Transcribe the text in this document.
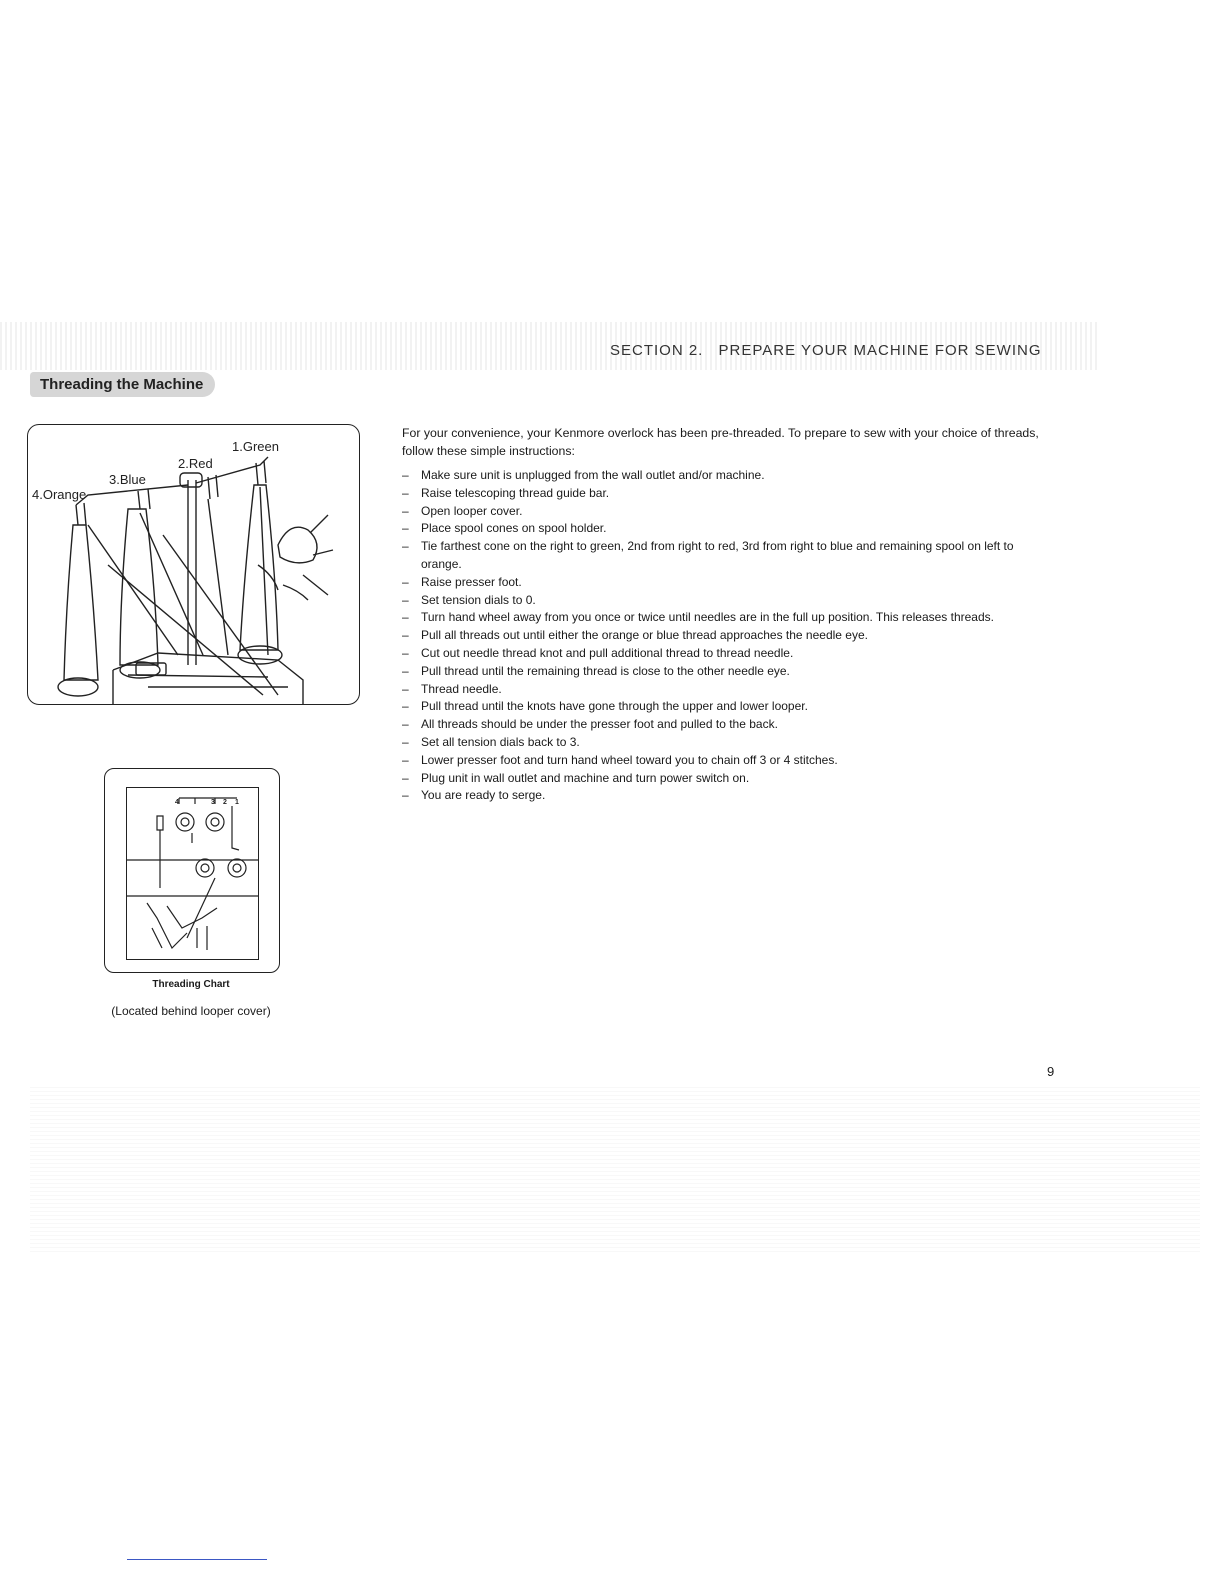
SECTION 2. PREPARE YOUR MACHINE FOR SEWING
Threading the Machine
1.Green
2.Red
3.Blue
4.Orange
4	3 2 1
Threading Chart
(Located behind looper cover)
For your convenience, your Kenmore overlock has been pre-threaded. To prepare to sew with your choice of threads, follow these simple instructions:
– Make sure unit is unplugged from the wall outlet and/or machine.
– Raise telescoping thread guide bar.
– Open looper cover.
– Place spool cones on spool holder.
– Tie farthest cone on the right to green, 2nd from right to red, 3rd from right to blue and remaining spool on left to orange.
– Raise presser foot.
– Set tension dials to 0.
– Turn hand wheel away from you once or twice until needles are in the full up position. This releases threads.
– Pull all threads out until either the orange or blue thread approaches the needle eye.
– Cut out needle thread knot and pull additional thread to thread needle.
– Pull thread until the remaining thread is close to the other needle eye.
– Thread needle.
– Pull thread until the knots have gone through the upper and lower looper.
– All threads should be under the presser foot and pulled to the back.
– Set all tension dials back to 3.
– Lower presser foot and turn hand wheel toward you to chain off 3 or 4 stitches.
– Plug unit in wall outlet and machine and turn power switch on.
– You are ready to serge.
9
